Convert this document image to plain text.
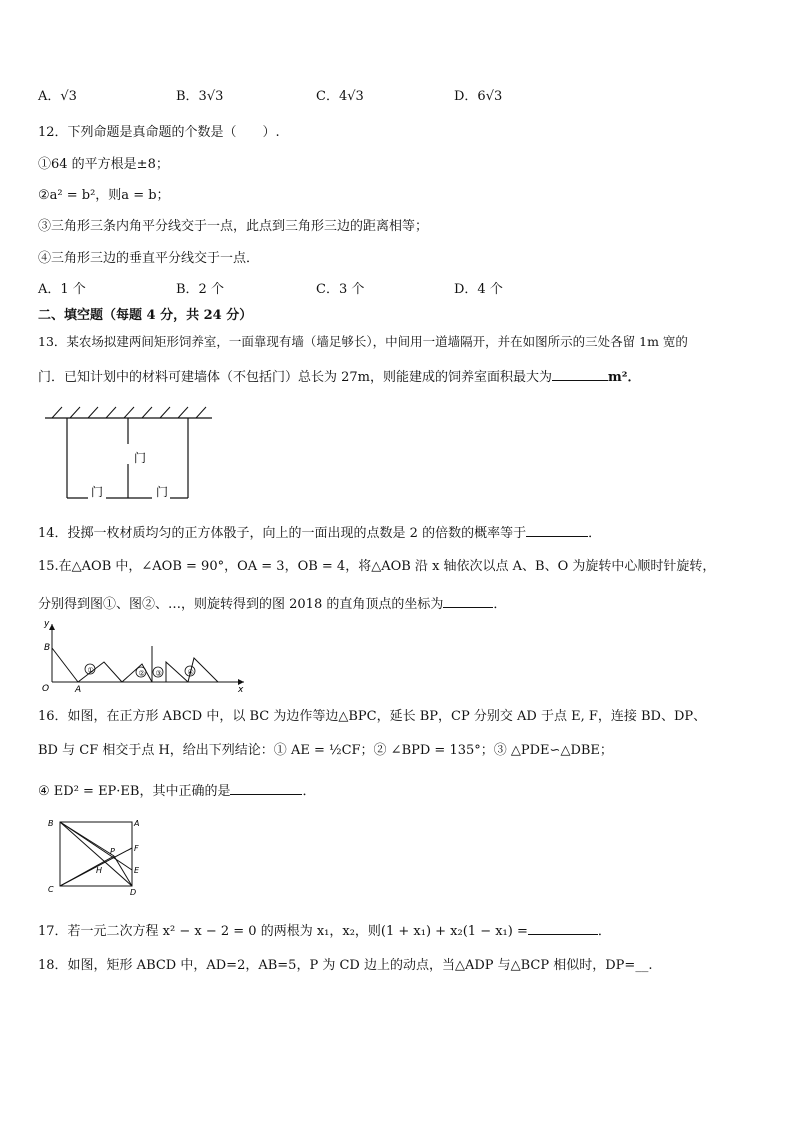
A．√3	B．3√3	C．4√3	D．6√3
12．下列命题是真命题的个数是（　　）.
①64 的平方根是±8；
②a² = b²，则a = b；
③三角形三条内角平分线交于一点，此点到三角形三边的距离相等；
④三角形三边的垂直平分线交于一点．
A．1 个	B．2 个	C．3 个	D．4 个
二、填空题（每题 4 分，共 24 分）
13．某农场拟建两间矩形饲养室，一面靠现有墙（墙足够长），中间用一道墙隔开，并在如图所示的三处各留 1m 宽的
门．已知计划中的材料可建墙体（不包括门）总长为 27m，则能建成的饲养室面积最大为	m²．
门
门	门
14．投掷一枚材质均匀的正方体骰子，向上的一面出现的点数是 2 的倍数的概率等于	．
15.在△AOB 中，∠AOB = 90°，OA = 3，OB = 4，将△AOB 沿 x 轴依次以点 A、B、O 为旋转中心顺时针旋转，
分别得到图①、图②、…，则旋转得到的图 2018 的直角顶点的坐标为	．
①	② ③	④
y
x
O	A
B
16．如图，在正方形 ABCD 中，以 BC 为边作等边△BPC，延长 BP，CP 分别交 AD 于点 E, F，连接 BD、DP、
BD 与 CF 相交于点 H，给出下列结论：① AE = ½CF；② ∠BPD = 135°；③ △PDE∽△DBE；
④ ED² = EP·EB，其中正确的是	．
B	A
C	D
P F
E
H
17．若一元二次方程 x² − x − 2 = 0 的两根为 x₁，x₂，则(1 + x₁) + x₂(1 − x₁) =	．
18．如图，矩形 ABCD 中，AD=2，AB=5，P 为 CD 边上的动点，当△ADP 与△BCP 相似时，DP=__.
